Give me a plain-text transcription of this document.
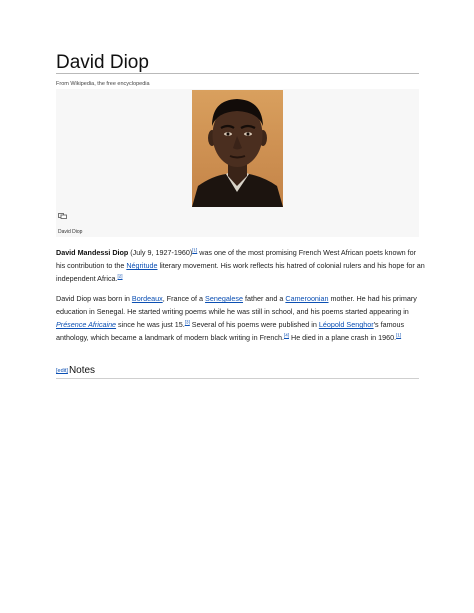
David Diop
From Wikipedia, the free encyclopedia
David Diop
David Mandessi Diop (July 9, 1927-1960)[1] was one of the most promising French West African poets known for his contribution to the Négritude literary movement. His work reflects his hatred of colonial rulers and his hope for an independent Africa.[2]
David Diop was born in Bordeaux, France of a Senegalese father and a Cameroonian mother. He had his primary education in Senegal. He started writing poems while he was still in school, and his poems started appearing in Présence Africaine since he was just 15.[3] Several of his poems were published in Léopold Senghor's famous anthology, which became a landmark of modern black writing in French.[4] He died in a plane crash in 1960.[1]
[edit]Notes
